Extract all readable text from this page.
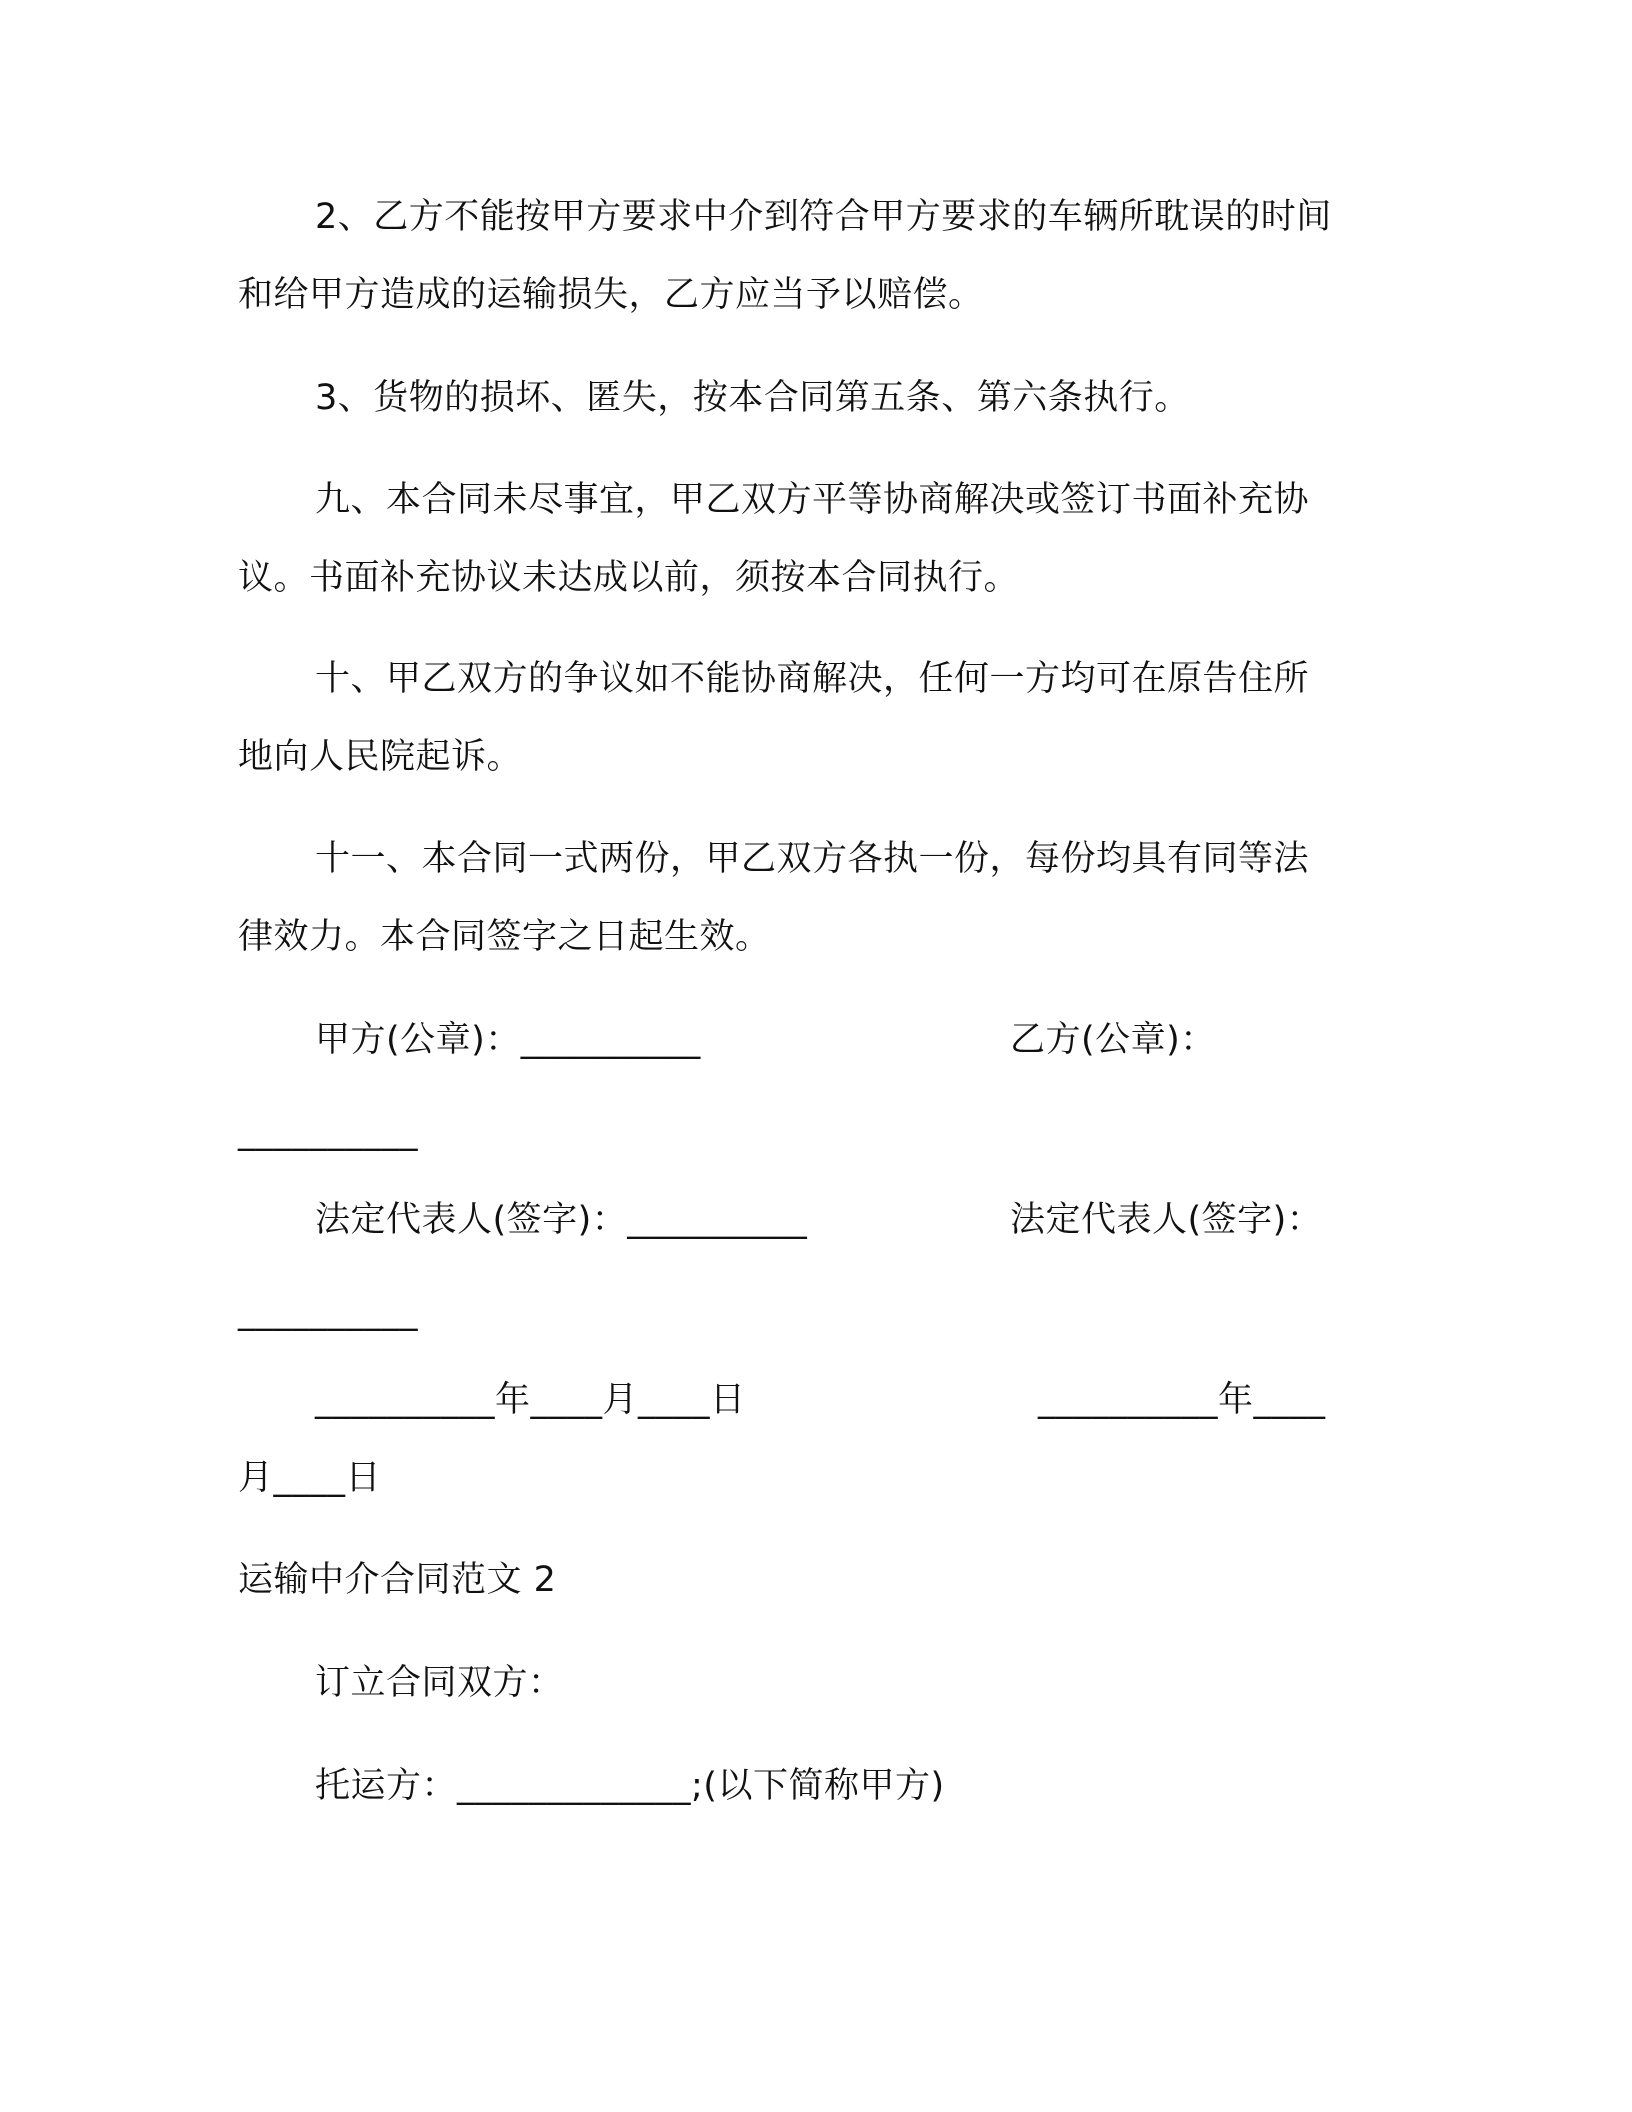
2、乙方不能按甲方要求中介到符合甲方要求的车辆所耽误的时间
和给甲方造成的运输损失，乙方应当予以赔偿。
3、货物的损坏、匿失，按本合同第五条、第六条执行。
九、本合同未尽事宜，甲乙双方平等协商解决或签订书面补充协
议。书面补充协议未达成以前，须按本合同执行。
十、甲乙双方的争议如不能协商解决，任何一方均可在原告住所
地向人民院起诉。
十一、本合同一式两份，甲乙双方各执一份，每份均具有同等法
律效力。本合同签字之日起生效。
甲方(公章)：__________	乙方(公章)：
__________
法定代表人(签字)：__________	法定代表人(签字)：
__________
__________年____月____日	__________年____
月____日
运输中介合同范文 2
订立合同双方：
托运方：_____________;(以下简称甲方)
